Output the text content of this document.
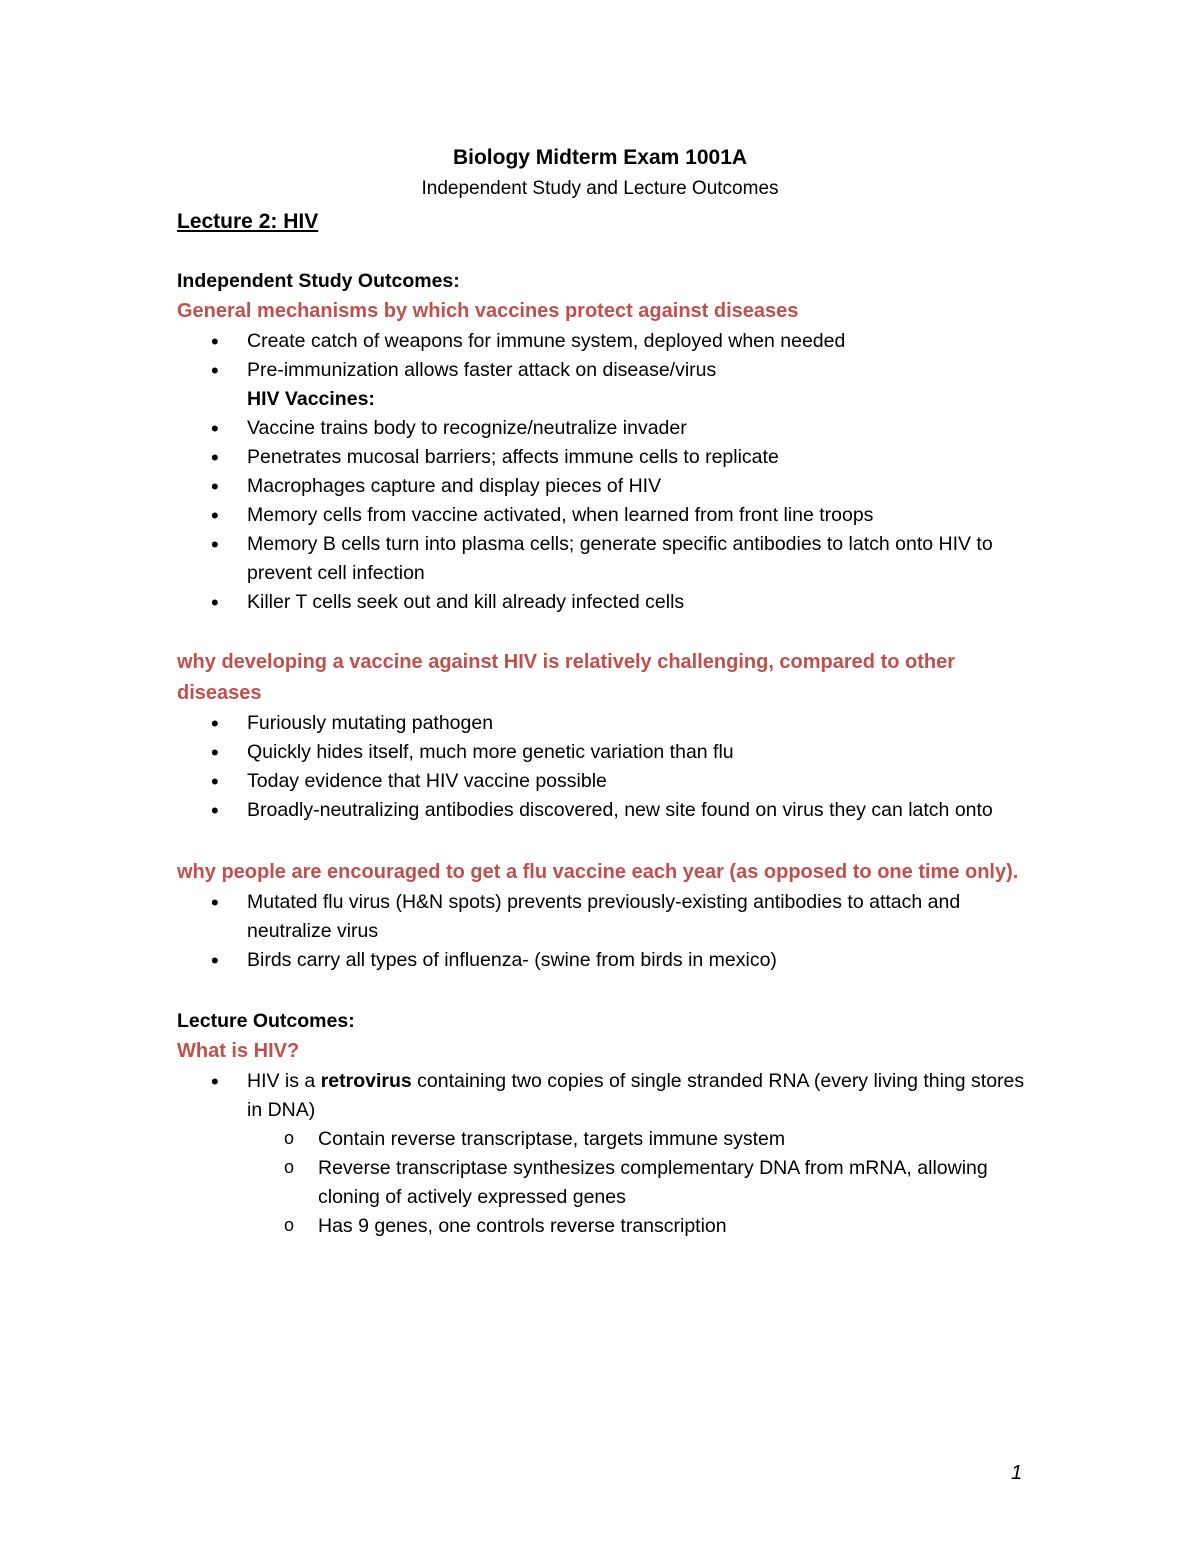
Biology Midterm Exam 1001A
Independent Study and Lecture Outcomes
Lecture 2: HIV
Independent Study Outcomes:
General mechanisms by which vaccines protect against diseases
• Create catch of weapons for immune system, deployed when needed
• Pre-immunization allows faster attack on disease/virus
HIV Vaccines:
• Vaccine trains body to recognize/neutralize invader
• Penetrates mucosal barriers; affects immune cells to replicate
• Macrophages capture and display pieces of HIV
• Memory cells from vaccine activated, when learned from front line troops
• Memory B cells turn into plasma cells; generate specific antibodies to latch onto HIV to prevent cell infection
• Killer T cells seek out and kill already infected cells
why developing a vaccine against HIV is relatively challenging, compared to other diseases
• Furiously mutating pathogen
• Quickly hides itself, much more genetic variation than flu
• Today evidence that HIV vaccine possible
• Broadly-neutralizing antibodies discovered, new site found on virus they can latch onto
why people are encouraged to get a flu vaccine each year (as opposed to one time only).
• Mutated flu virus (H&N spots) prevents previously-existing antibodies to attach and neutralize virus
• Birds carry all types of influenza- (swine from birds in mexico)
Lecture Outcomes:
What is HIV?
• HIV is a retrovirus containing two copies of single stranded RNA (every living thing stores in DNA)
o Contain reverse transcriptase, targets immune system
o Reverse transcriptase synthesizes complementary DNA from mRNA, allowing cloning of actively expressed genes
o Has 9 genes, one controls reverse transcription
1
